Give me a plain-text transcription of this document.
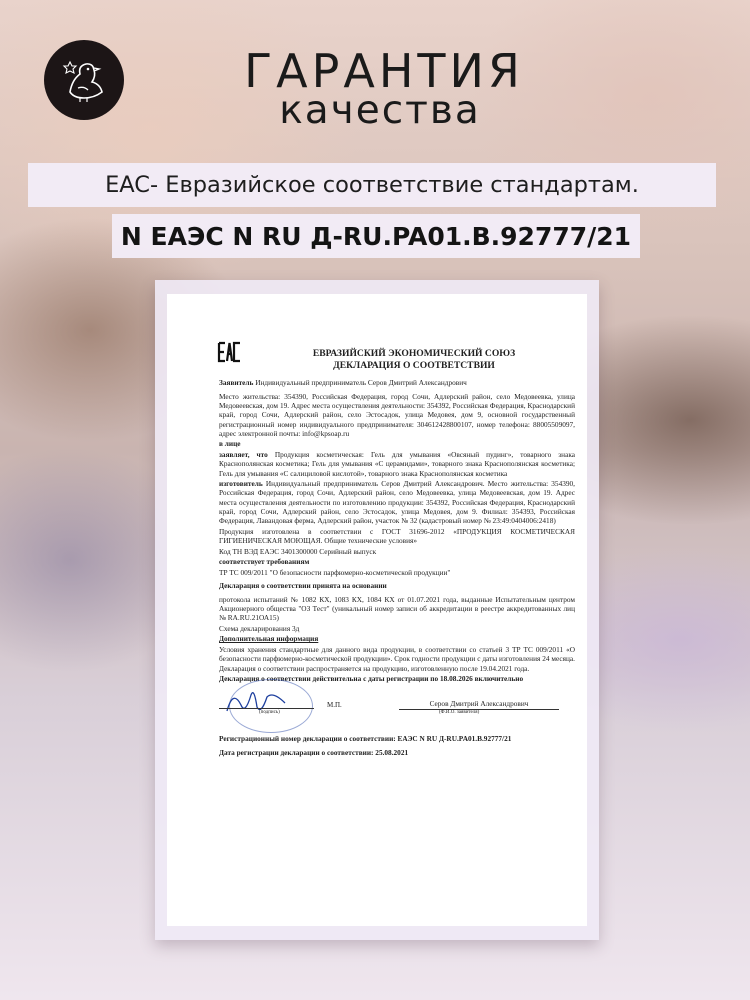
ГАРАНТИЯ
качества
EAC- Евразийское соответствие стандартам.
N ЕАЭС N RU Д-RU.PA01.B.92777/21
ЕВРАЗИЙСКИЙ ЭКОНОМИЧЕСКИЙ СОЮЗ
ДЕКЛАРАЦИЯ О СООТВЕТСТВИИ

Заявитель Индивидуальный предприниматель Серов Дмитрий Александрович

Место жительства: 354390, Российская Федерация, город Сочи, Адлерский район, село Медовеевка, улица Медовеевская, дом 19. Адрес места осуществления деятельности: 354392, Российская Федерация, Краснодарский край, город Сочи, Адлерский район, село Эстосадок, улица Медовея, дом 9, основной государственный регистрационный номер индивидуального предпринимателя: 304612428800107, номер телефона: 88005509097, адрес электронной почты: info@kpsoap.ru

в лице

заявляет, что Продукция косметическая: Гель для умывания «Овсяный пудинг», товарного знака Краснополянская косметика; Гель для умывания «С церамидами», товарного знака Краснополянская косметика; Гель для умывания «С салициловой кислотой», товарного знака Краснополянская косметика

изготовитель Индивидуальный предприниматель Серов Дмитрий Александрович. Место жительства: 354390, Российская Федерация, город Сочи, Адлерский район, село Медовеевка, улица Медовеевская, дом 19. Адрес места осуществления деятельности по изготовлению продукции: 354392, Российская Федерация, Краснодарский край, город Сочи, Адлерский район, село Эстосадок, улица Медовея, дом 9. Филиал: 354393, Российская Федерация, Лавандовая ферма, Адлерский район, участок № 32 (кадастровый номер № 23:49:0404006:2418)

Продукция изготовлена в соответствии с ГОСТ 31696-2012 «ПРОДУКЦИЯ КОСМЕТИЧЕСКАЯ ГИГИЕНИЧЕСКАЯ МОЮЩАЯ. Общие технические условия»

Код ТН ВЭД ЕАЭС 3401300000 Серийный выпуск

соответствует требованиям

ТР ТС 009/2011 "О безопасности парфюмерно-косметической продукции"

Декларация о соответствии принята на основании

протокола испытаний № 1082 КХ, 1083 КХ, 1084 КХ от 01.07.2021 года, выданные Испытательным центром Акционерного общества "ОЗ Тест" (уникальный номер записи об аккредитации в реестре аккредитованных лиц № RA.RU.21ОА15)

Схема декларирования 3д

Дополнительная информация

Условия хранения стандартные для данного вида продукции, в соответствии со статьей 3 ТР ТС 009/2011 «О безопасности парфюмерно-косметической продукции». Срок годности продукции с даты изготовления 24 месяца. Декларация о соответствии распространяется на продукцию, изготовленную после 19.04.2021 года.

Декларация о соответствии действительна с даты регистрации по 18.08.2026 включительно

(подпись)
М.П.	Серов Дмитрий Александрович
(Ф.И.О. заявителя)

Регистрационный номер декларации о соответствии: ЕАЭС N RU Д-RU.PA01.B.92777/21

Дата регистрации декларации о соответствии: 25.08.2021
